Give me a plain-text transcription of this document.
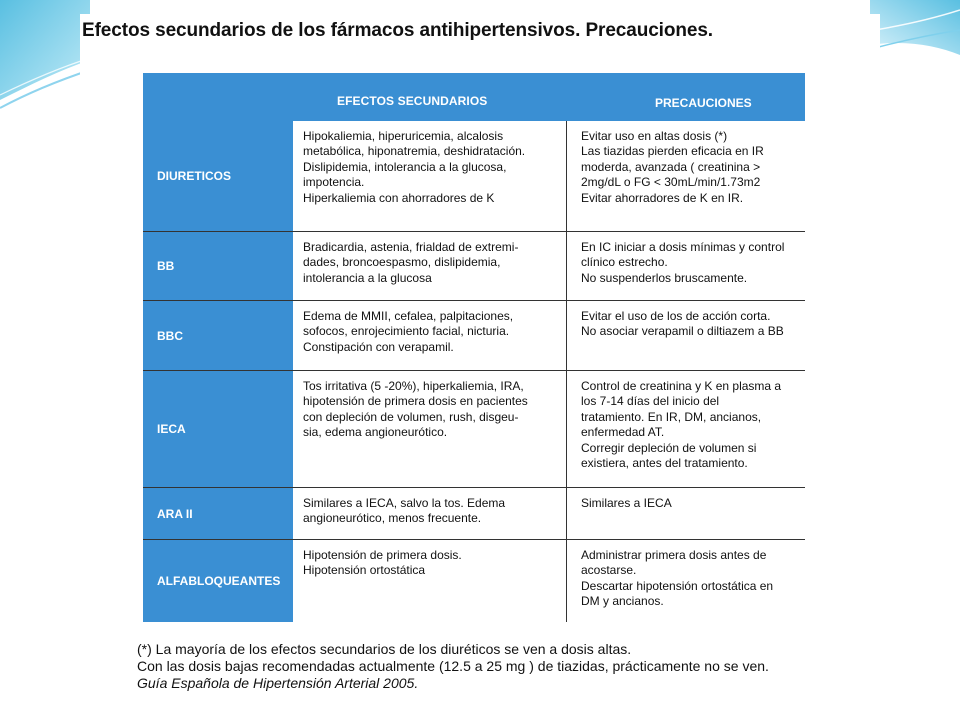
Efectos secundarios de los fármacos antihipertensivos. Precauciones.
EFECTOS SECUNDARIOS	PRECAUCIONES
DIURETICOS
Hipokaliemia, hiperuricemia, alcalosis
metabólica, hiponatremia, deshidratación.
Dislipidemia, intolerancia a la glucosa,
impotencia.
Hiperkaliemia con ahorradores de K
Evitar uso en altas dosis (*)
Las tiazidas pierden eficacia en IR
moderda, avanzada ( creatinina >
2mg/dL o FG < 30mL/min/1.73m2
Evitar ahorradores de K en IR.
BB
Bradicardia, astenia, frialdad de extremi-
dades, broncoespasmo, dislipidemia,
intolerancia a la glucosa
En IC iniciar a dosis mínimas y control
clínico estrecho.
No suspenderlos bruscamente.
BBC
Edema de MMII, cefalea, palpitaciones,
sofocos, enrojecimiento facial, nicturia.
Constipación con verapamil.
Evitar el uso de los de acción corta.
No asociar verapamil o diltiazem a BB
IECA
Tos irritativa (5 -20%), hiperkaliemia, IRA,
hipotensión de primera dosis en pacientes
con depleción de volumen, rush, disgeu-
sia, edema angioneurótico.
Control de creatinina y K en plasma a
los 7-14 días del inicio del
tratamiento. En IR, DM, ancianos,
enfermedad AT.
Corregir depleción de volumen si
existiera, antes del tratamiento.
ARA II
Similares a IECA, salvo la tos. Edema
angioneurótico, menos frecuente.
Similares a IECA
ALFABLOQUEANTES
Hipotensión de primera dosis.
Hipotensión ortostática
Administrar primera dosis antes de
acostarse.
Descartar hipotensión ortostática en
DM y ancianos.
(*) La mayoría de los efectos secundarios de los diuréticos se ven a dosis altas.
Con las dosis bajas recomendadas actualmente (12.5 a 25 mg ) de tiazidas, prácticamente no se ven.
Guía Española de Hipertensión Arterial 2005.
